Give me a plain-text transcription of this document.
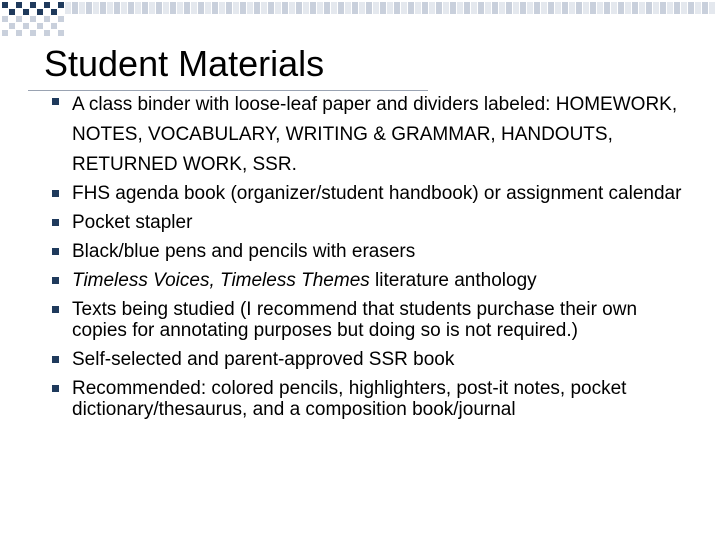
Student Materials
A class binder with loose-leaf paper and dividers labeled: HOMEWORK, NOTES, VOCABULARY, WRITING & GRAMMAR, HANDOUTS, RETURNED WORK, SSR.
FHS agenda book (organizer/student handbook) or assignment calendar
Pocket stapler
Black/blue pens and pencils with erasers
Timeless Voices, Timeless Themes literature anthology
Texts being studied (I recommend that students purchase their own copies for annotating purposes but doing so is not required.)
Self-selected and parent-approved SSR book
Recommended: colored pencils, highlighters, post-it notes, pocket dictionary/thesaurus, and a composition book/journal
